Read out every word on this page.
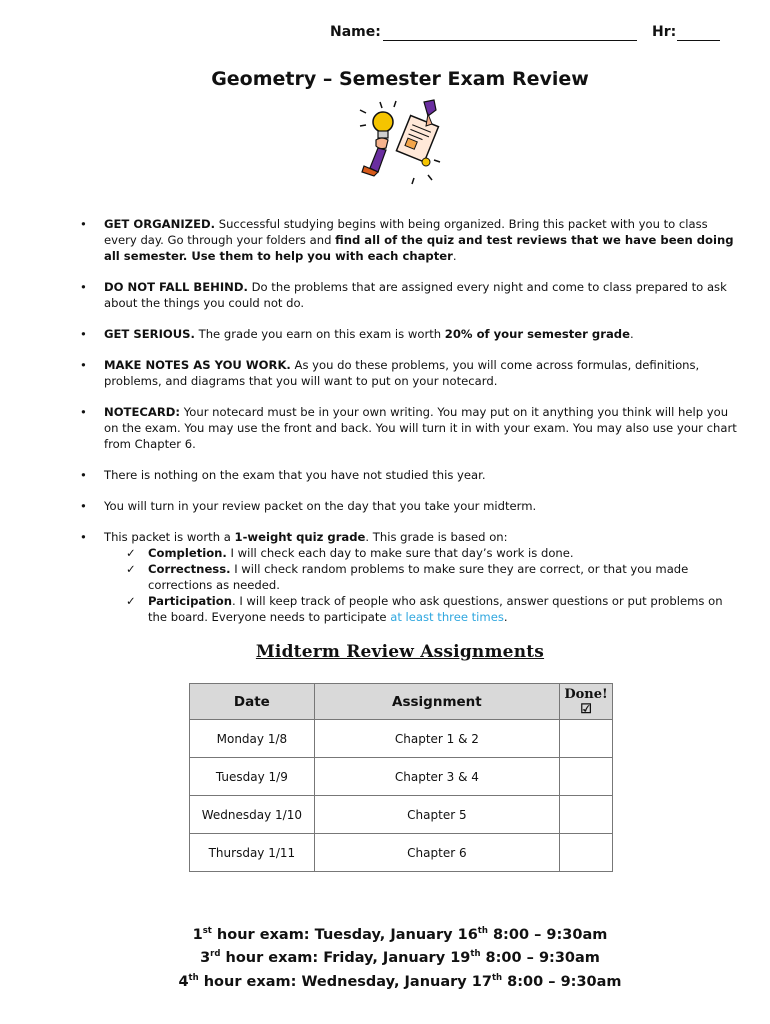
Name:	Hr:
Geometry – Semester Exam Review
• GET ORGANIZED. Successful studying begins with being organized. Bring this packet with you to class every day. Go through your folders and find all of the quiz and test reviews that we have been doing all semester. Use them to help you with each chapter.
• DO NOT FALL BEHIND. Do the problems that are assigned every night and come to class prepared to ask about the things you could not do.
• GET SERIOUS. The grade you earn on this exam is worth 20% of your semester grade.
• MAKE NOTES AS YOU WORK. As you do these problems, you will come across formulas, definitions, problems, and diagrams that you will want to put on your notecard.
• NOTECARD: Your notecard must be in your own writing. You may put on it anything you think will help you on the exam. You may use the front and back. You will turn it in with your exam. You may also use your chart from Chapter 6.
• There is nothing on the exam that you have not studied this year.
• You will turn in your review packet on the day that you take your midterm.
• This packet is worth a 1-weight quiz grade. This grade is based on:
✓ Completion. I will check each day to make sure that day’s work is done.
✓ Correctness. I will check random problems to make sure they are correct, or that you made corrections as needed.
✓ Participation. I will keep track of people who ask questions, answer questions or put problems on the board. Everyone needs to participate at least three times.
Midterm Review Assignments
Date	Assignment	Done!
☑

Monday 1/8	Chapter 1 & 2	
Tuesday 1/9	Chapter 3 & 4	
Wednesday 1/10	Chapter 5	
Thursday 1/11	Chapter 6	
1st hour exam: Tuesday, January 16th 8:00 – 9:30am
3rd hour exam: Friday, January 19th 8:00 – 9:30am
4th hour exam: Wednesday, January 17th 8:00 – 9:30am
